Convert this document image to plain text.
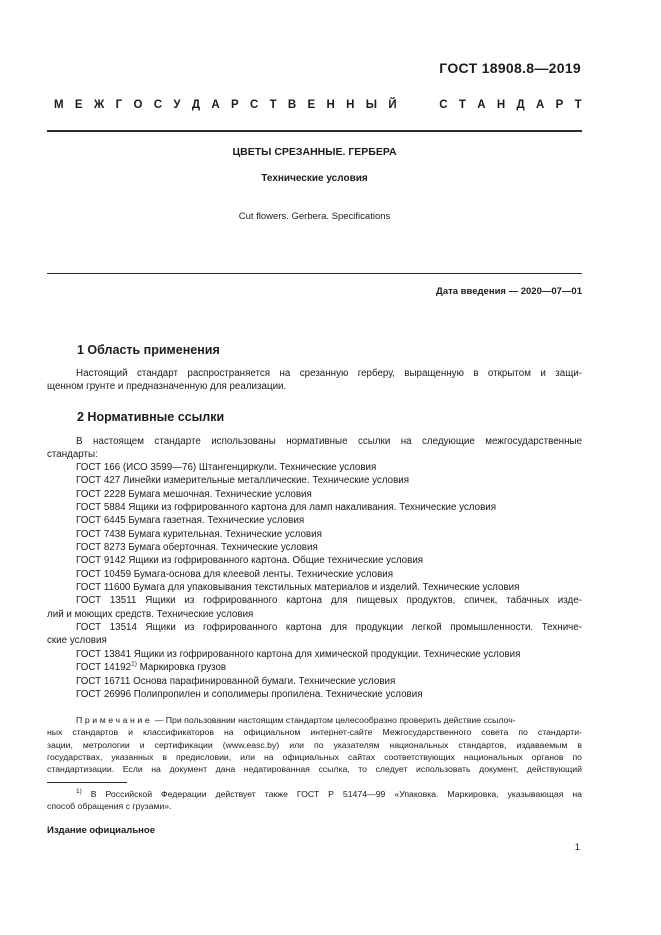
ГОСТ 18908.8—2019
М Е Ж Г О С У Д А Р С Т В Е Н Н Ы Й	С Т А Н Д А Р Т
ЦВЕТЫ СРЕЗАННЫЕ. ГЕРБЕРА
Технические условия
Cut flowers. Gerbera. Specifications
Дата введения — 2020—07—01
1 Область применения
Настоящий стандарт распространяется на срезанную герберу, выращенную в открытом и защи-
щенном грунте и предназначенную для реализации.
2 Нормативные ссылки
В настоящем стандарте использованы нормативные ссылки на следующие межгосударственные
стандарты:
ГОСТ 166 (ИСО 3599—76) Штангенциркули. Технические условия
ГОСТ 427 Линейки измерительные металлические. Технические условия
ГОСТ 2228 Бумага мешочная. Технические условия
ГОСТ 5884 Ящики из гофрированного картона для ламп накаливания. Технические условия
ГОСТ 6445 Бумага газетная. Технические условия
ГОСТ 7438 Бумага курительная. Технические условия
ГОСТ 8273 Бумага оберточная. Технические условия
ГОСТ 9142 Ящики из гофрированного картона. Общие технические условия
ГОСТ 10459 Бумага-основа для клеевой ленты. Технические условия
ГОСТ 11600 Бумага для упаковывания текстильных материалов и изделий. Технические условия
ГОСТ 13511 Ящики из гофрированного картона для пищевых продуктов, спичек, табачных изде-
лий и моющих средств. Технические условия
ГОСТ 13514 Ящики из гофрированного картона для продукции легкой промышленности. Техниче-
ские условия
ГОСТ 13841 Ящики из гофрированного картона для химической продукции. Технические условия
ГОСТ 14192$^{1)}$ Маркировка грузов
ГОСТ 16711 Основа парафинированной бумаги. Технические условия
ГОСТ 26996 Полипропилен и сополимеры пропилена. Технические условия
Примечание — При пользовании настоящим стандартом целесообразно проверить действие ссылоч-
ных стандартов и классификаторов на официальном интернет-сайте Межгосударственного совета по стандарти-
зации, метрологии и сертификации (www.easc.by) или по указателям национальных стандартов, издаваемым в
государствах, указанных в предисловии, или на официальных сайтах соответствующих национальных органов по
стандартизации. Если на документ дана недатированная ссылка, то следует использовать документ, действующий
$^{1)}$ В Российской Федерации действует также ГОСТ Р 51474—99 «Упаковка. Маркировка, указывающая на
способ обращения с грузами».
Издание официальное
1
